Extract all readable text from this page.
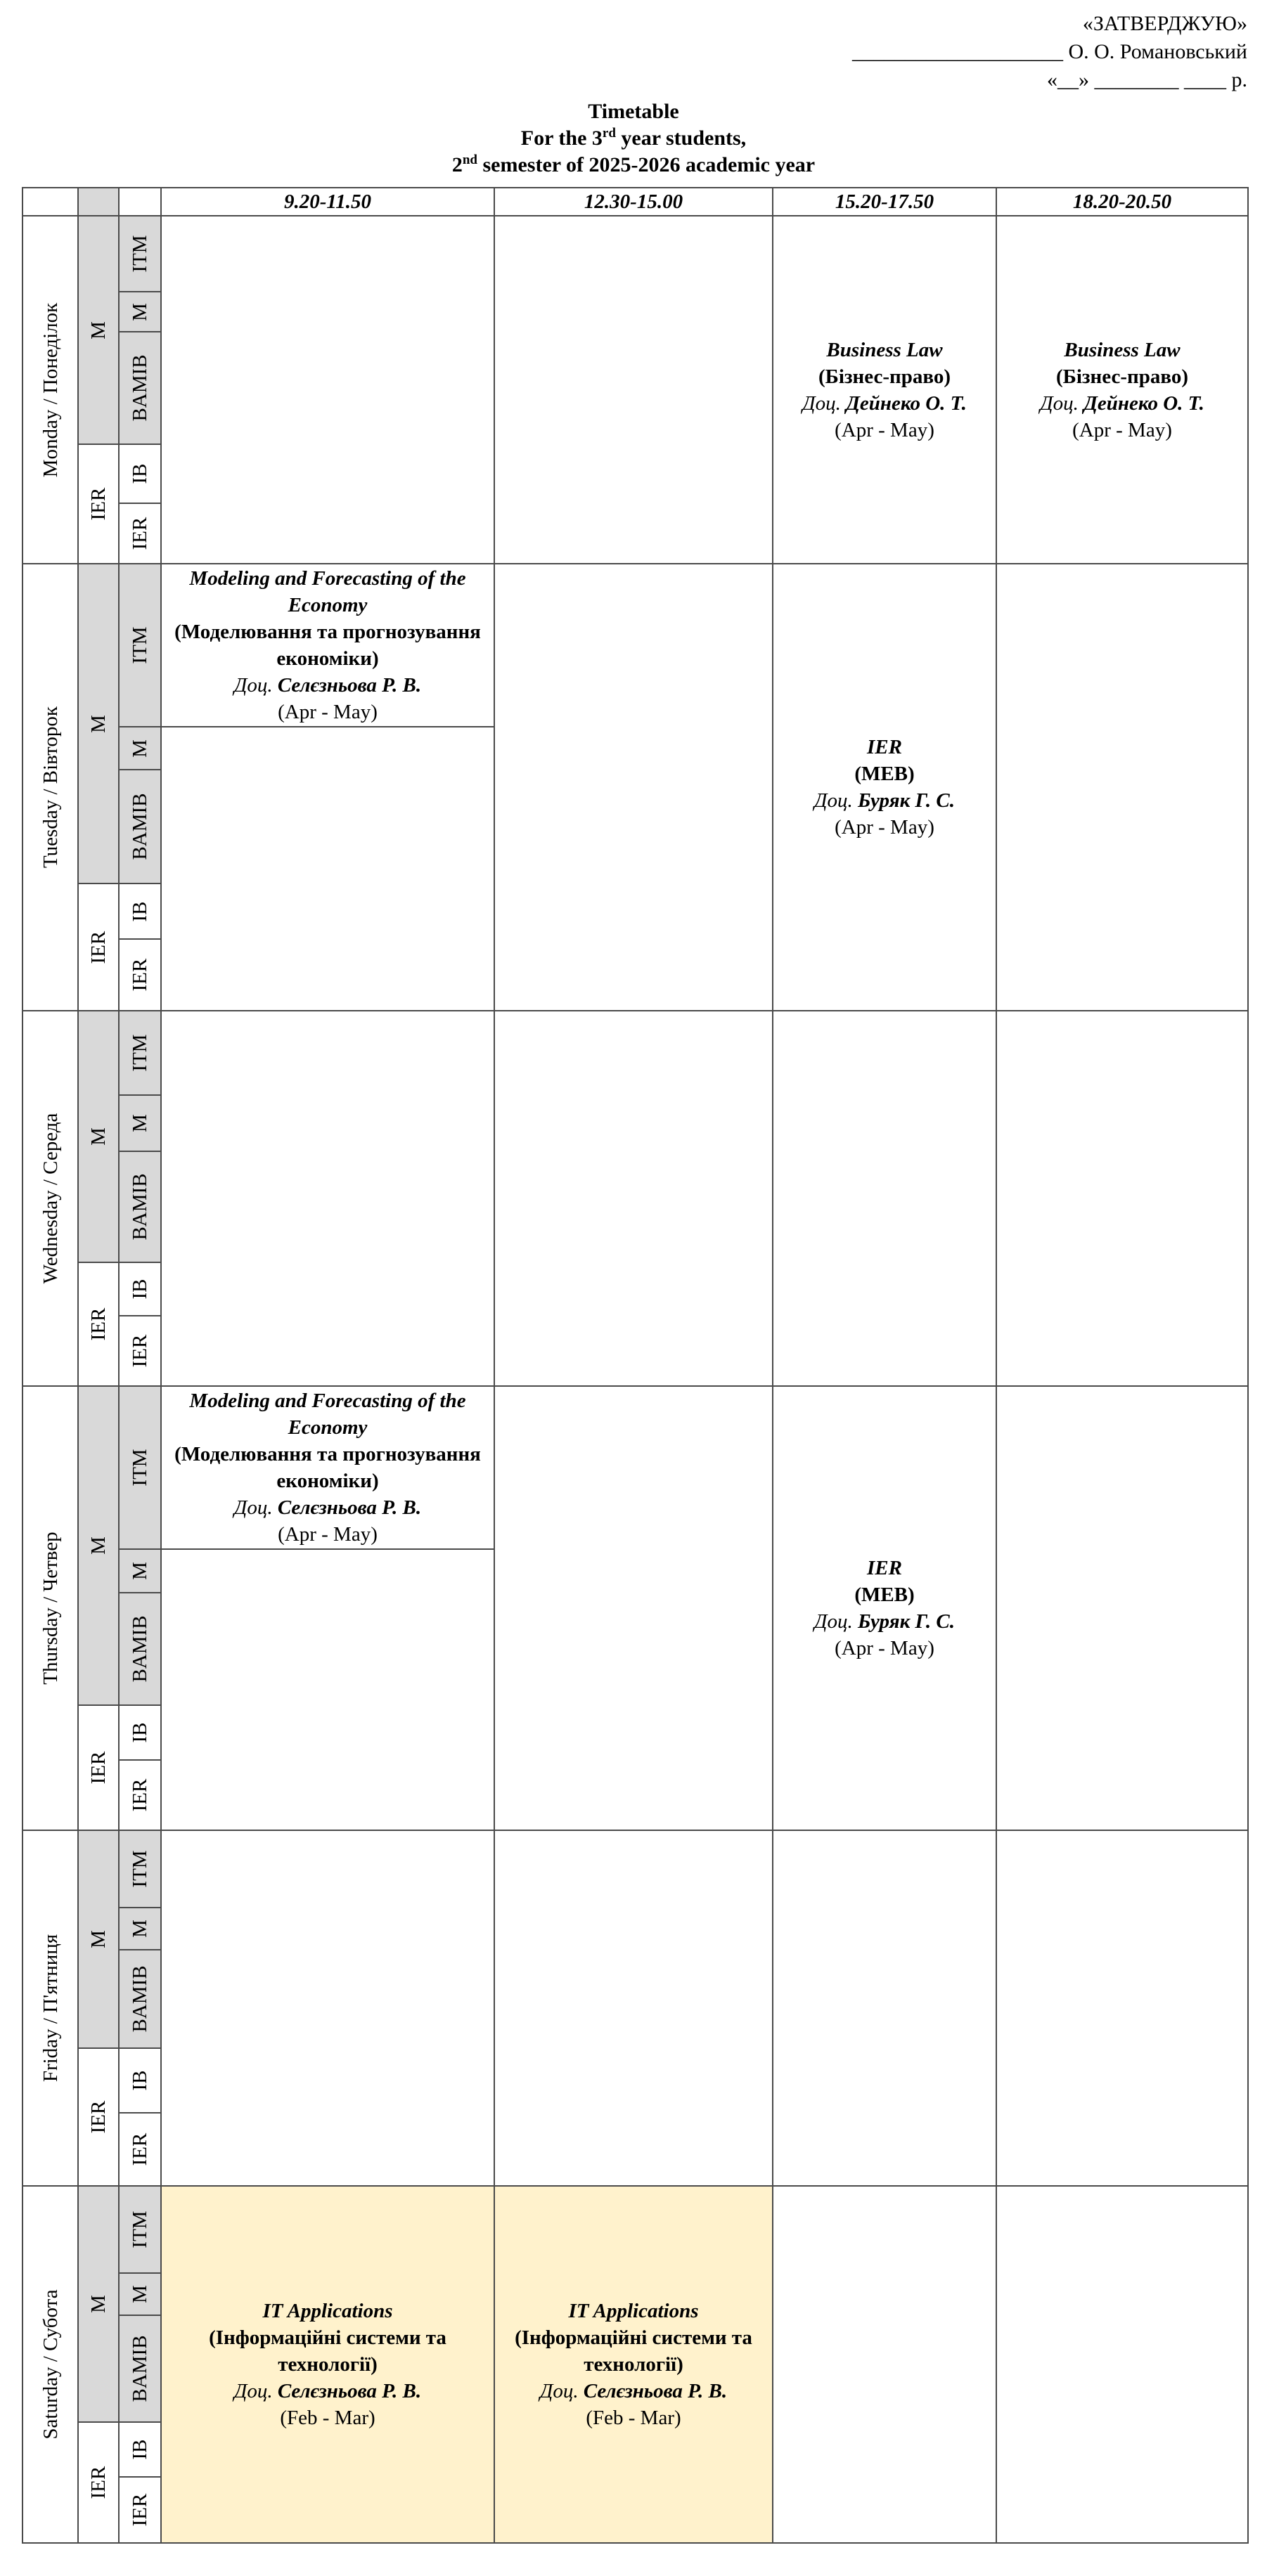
«ЗАТВЕРДЖУЮ»
____________________ О. О. Романовський
«__» ________ ____ р.
Timetable
For the 3rd year students,
2nd semester of 2025-2026 academic year
			9.20-11.50	12.30-15.00	15.20-17.50	18.20-20.50

Monday / Понеділок	M	ITM			Business Law
(Бізнес-право)
Доц. Дейнеко О. Т.
(Apr - May)	Business Law
(Бізнес-право)
Доц. Дейнеко О. Т.
(Apr - May)

		M				

		BAMIB				

	IER	IB				

		IER				

Tuesday / Вівторок	M	ITM	Modeling and Forecasting of the Economy
(Моделювання та прогнозування економіки)
Доц. Селєзньова Р. В.
(Apr - May)		IER
(МЕВ)
Доц. Буряк Г. С.
(Apr - May)	

		M				

		BAMIB				

	IER	IB				

		IER				

Wednesday / Середа	M	ITM				

		M				

		BAMIB				

	IER	IB				

		IER				

Thursday / Четвер	M	ITM	Modeling and Forecasting of the Economy
(Моделювання та прогнозування економіки)
Доц. Селєзньова Р. В.
(Apr - May)		IER
(МЕВ)
Доц. Буряк Г. С.
(Apr - May)	

		M				

		BAMIB				

	IER	IB				

		IER				

Friday / П'ятниця	M	ITM				

		M				

		BAMIB				

	IER	IB				

		IER				

Saturday / Субота	M	ITM	IT Applications
(Інформаційні системи та технології)
Доц. Селєзньова Р. В.
(Feb - Mar)	IT Applications
(Інформаційні системи та технології)
Доц. Селєзньова Р. В.
(Feb - Mar)		

		M				

		BAMIB				

	IER	IB				

		IER				
